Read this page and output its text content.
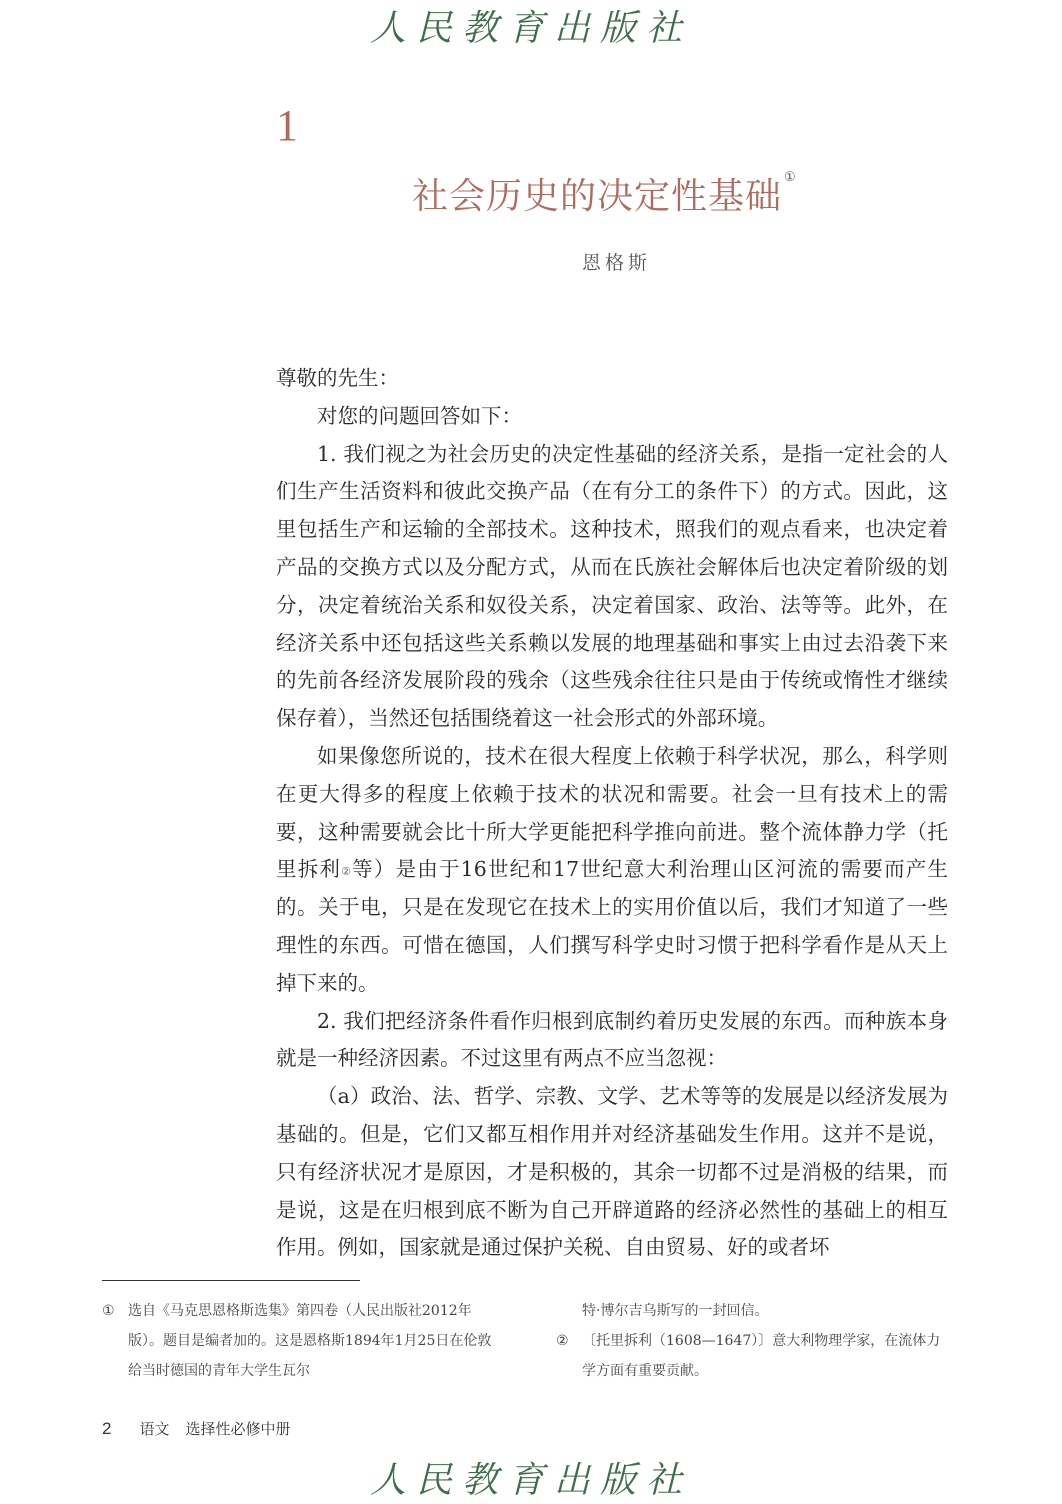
人民教育出版社
1
社会历史的决定性基础 ①
恩格斯

尊敬的先生：

对您的问题回答如下：

1. 我们视之为社会历史的决定性基础的经济关系，是指一定社会的人们生产生活资料和彼此交换产品（在有分工的条件下）的方式。因此，这里包括生产和运输的全部技术。这种技术，照我们的观点看来，也决定着产品的交换方式以及分配方式，从而在氏族社会解体后也决定着阶级的划分，决定着统治关系和奴役关系，决定着国家、政治、法等等。此外，在经济关系中还包括这些关系赖以发展的地理基础和事实上由过去沿袭下来的先前各经济发展阶段的残余（这些残余往往只是由于传统或惰性才继续保存着），当然还包括围绕着这一社会形式的外部环境。

如果像您所说的，技术在很大程度上依赖于科学状况，那么，科学则在更大得多的程度上依赖于技术的状况和需要。社会一旦有技术上的需要，这种需要就会比十所大学更能把科学推向前进。整个流体静力学（托里拆利②等）是由于16世纪和17世纪意大利治理山区河流的需要而产生的。关于电，只是在发现它在技术上的实用价值以后，我们才知道了一些理性的东西。可惜在德国，人们撰写科学史时习惯于把科学看作是从天上掉下来的。

2. 我们把经济条件看作归根到底制约着历史发展的东西。而种族本身就是一种经济因素。不过这里有两点不应当忽视：

（a）政治、法、哲学、宗教、文学、艺术等等的发展是以经济发展为基础的。但是，它们又都互相作用并对经济基础发生作用。这并不是说，只有经济状况才是原因，才是积极的，其余一切都不过是消极的结果，而是说，这是在归根到底不断为自己开辟道路的经济必然性的基础上的相互作用。例如，国家就是通过保护关税、自由贸易、好的或者坏

① 选自《马克思恩格斯选集》第四卷（人民出版社2012年版）。题目是编者加的。这是恩格斯1894年1月25日在伦敦给当时德国的青年大学生瓦尔
特·博尔吉乌斯写的一封回信。
② 〔托里拆利（1608—1647）〕意大利物理学家，在流体力学方面有重要贡献。
2 语文 选择性必修中册
人民教育出版社
